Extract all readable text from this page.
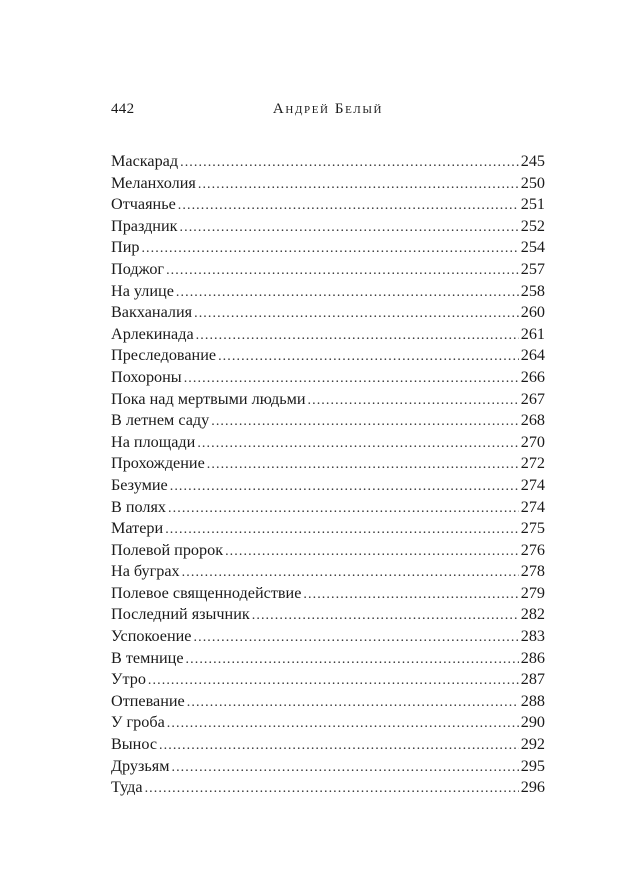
442	Андрей Белый
Маскарад . . .	245
Меланхолия . . .	250
Отчаянье . . .	251
Праздник . . .	252
Пир . . .	254
Поджог . . .	257
На улице . . .	258
Вакханалия . . .	260
Арлекинада . . .	261
Преследование . . .	264
Похороны . . .	266
Пока над мертвыми людьми . . .	267
В летнем саду . . .	268
На площади . . .	270
Прохождение . . .	272
Безумие . . .	274
В полях . . .	274
Матери . . .	275
Полевой пророк . . .	276
На буграх . . .	278
Полевое священнодействие . . .	279
Последний язычник . . .	282
Успокоение . . .	283
В темнице . . .	286
Утро . . .	287
Отпевание . . .	288
У гроба . . .	290
Вынос . . .	292
Друзьям . . .	295
Туда . . .	296
